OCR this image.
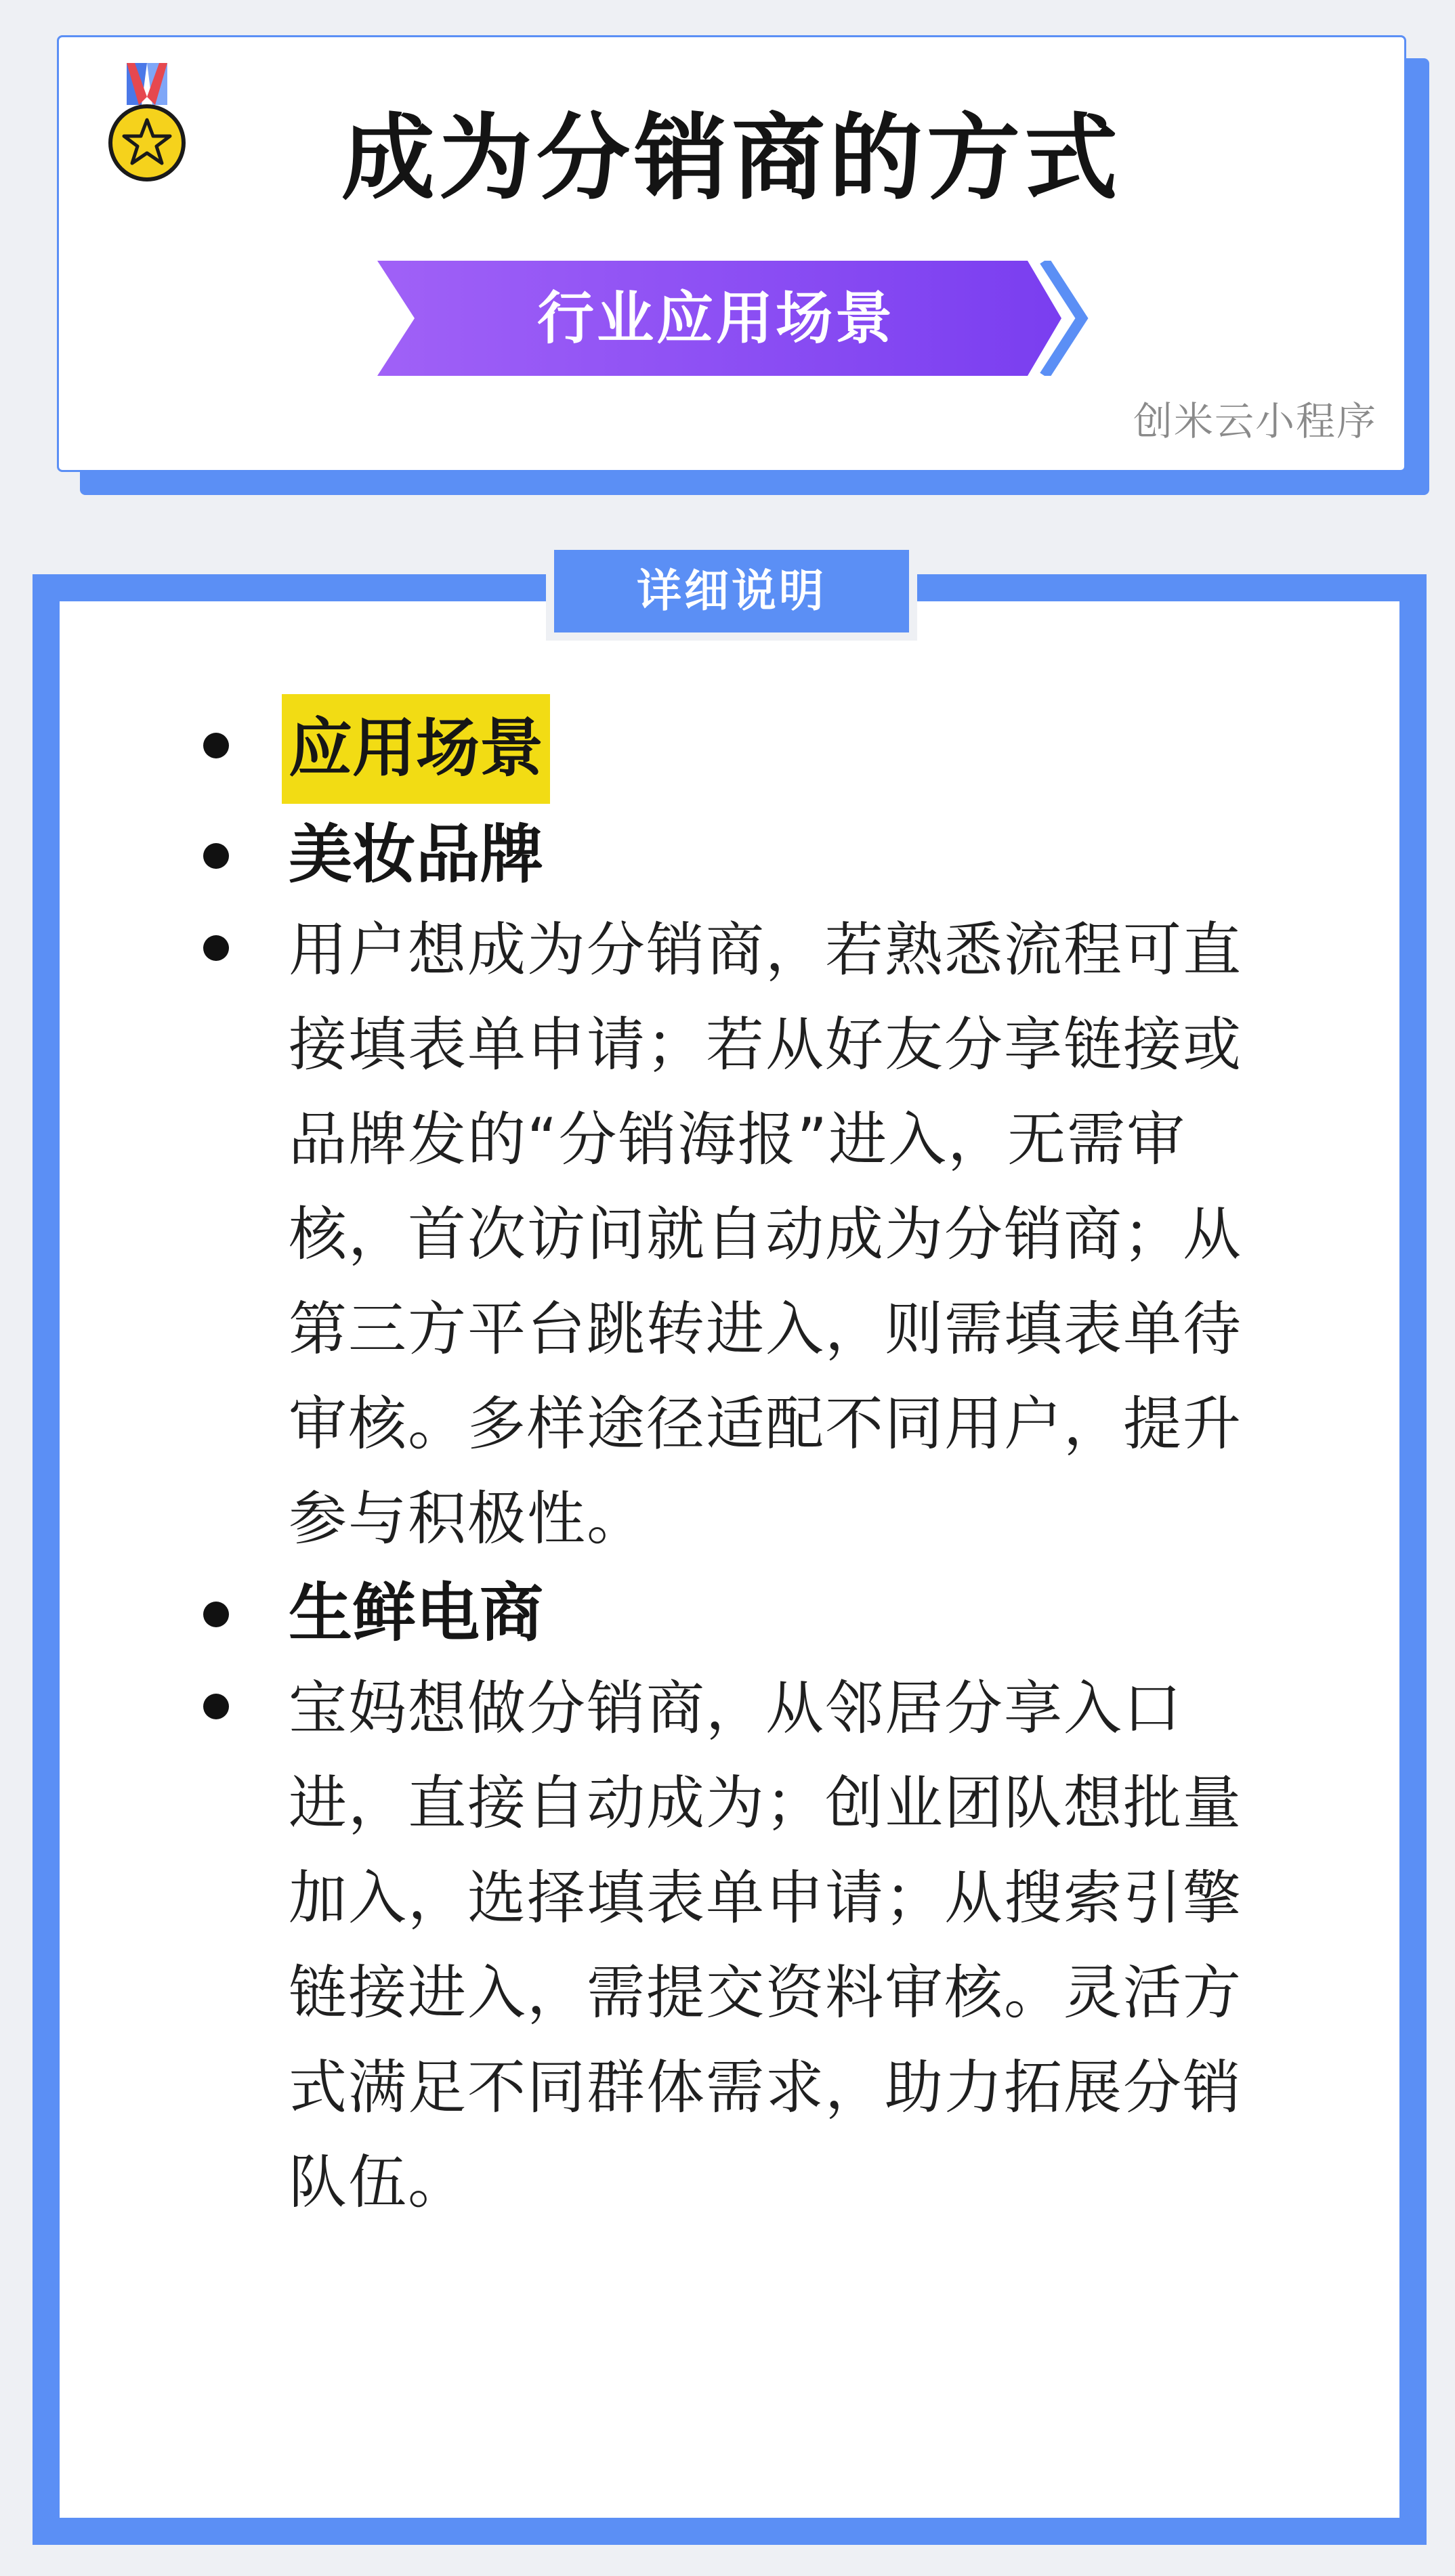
成为分销商的方式
行业应用场景
创米云小程序
详细说明
应用场景
美妆品牌
用户想成为分销商，若熟悉流程可直接填表单申请；若从好友分享链接或品牌发的“分销海报”进入，无需审核，首次访问就自动成为分销商；从第三方平台跳转进入，则需填表单待审核。多样途径适配不同用户，提升参与积极性。
生鲜电商
宝妈想做分销商，从邻居分享入口进，直接自动成为；创业团队想批量加入，选择填表单申请；从搜索引擎链接进入，需提交资料审核。灵活方式满足不同群体需求，助力拓展分销队伍。
